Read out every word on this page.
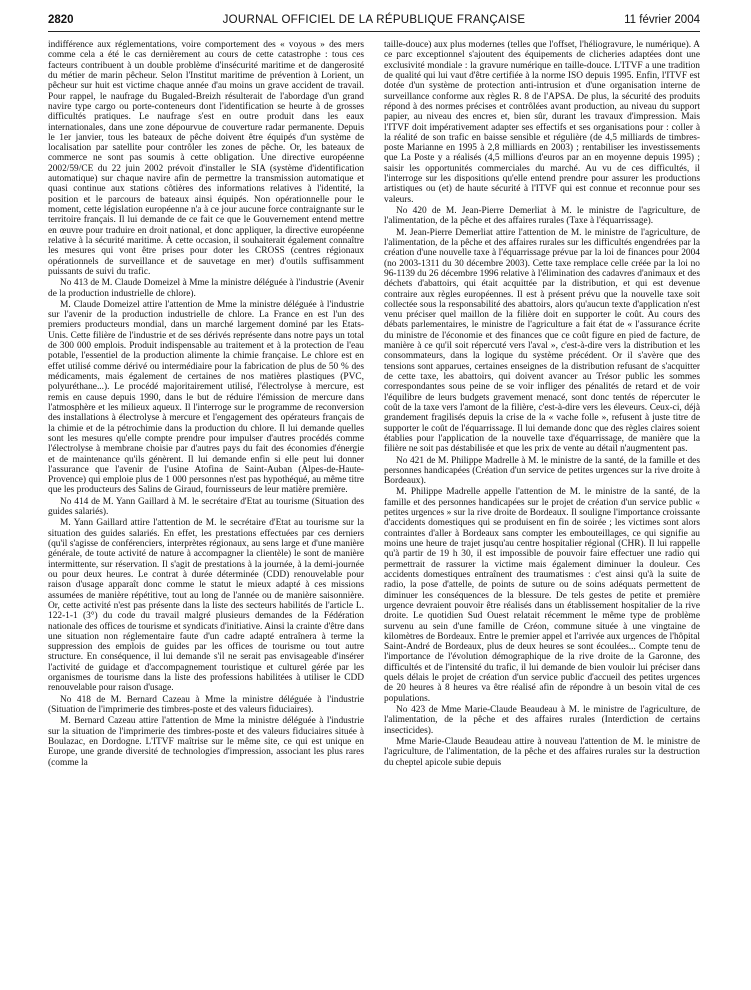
2820	JOURNAL OFFICIEL DE LA RÉPUBLIQUE FRANÇAISE	11 février 2004

indifférence aux réglementations, voire comportement des « voyous » des mers comme cela a été le cas dernièrement au cours de cette catastrophe : tous ces facteurs contribuent à un double problème d'insécurité maritime et de dangerosité du métier de marin pêcheur. Selon l'Institut maritime de prévention à Lorient, un pêcheur sur huit est victime chaque année d'au moins un grave accident de travail. Pour rappel, le naufrage du Bugaled-Breizh résulterait de l'abordage d'un grand navire type cargo ou porte-conteneurs dont l'identification se heurte à de grosses difficultés pratiques. Le naufrage s'est en outre produit dans les eaux internationales, dans une zone dépourvue de couverture radar permanente. Depuis le 1er janvier, tous les bateaux de pêche doivent être équipés d'un système de localisation par satellite pour contrôler les zones de pêche. Or, les bateaux de commerce ne sont pas soumis à cette obligation. Une directive européenne 2002/59/CE du 22 juin 2002 prévoit d'installer le SIA (système d'identification automatique) sur chaque navire afin de permettre la transmission automatique et quasi continue aux stations côtières des informations relatives à l'identité, la position et le parcours de bateaux ainsi équipés. Non opérationnelle pour le moment, cette législation européenne n'a à ce jour aucune force contraignante sur le territoire français. Il lui demande de ce fait ce que le Gouvernement entend mettre en œuvre pour traduire en droit national, et donc appliquer, la directive européenne relative à la sécurité maritime. À cette occasion, il souhaiterait également connaître les mesures qui vont être prises pour doter les CROSS (centres régionaux opérationnels de surveillance et de sauvetage en mer) d'outils suffisamment puissants de suivi du trafic.

No 413 de M. Claude Domeizel à Mme la ministre déléguée à l'industrie (Avenir de la production industrielle de chlore).

M. Claude Domeizel attire l'attention de Mme la ministre déléguée à l'industrie sur l'avenir de la production industrielle de chlore. La France en est l'un des premiers producteurs mondial, dans un marché largement dominé par les Etats-Unis. Cette filière de l'industrie et de ses dérivés représente dans notre pays un total de 300 000 emplois. Produit indispensable au traitement et à la protection de l'eau potable, l'essentiel de la production alimente la chimie française. Le chlore est en effet utilisé comme dérivé ou intermédiaire pour la fabrication de plus de 50 % des médicaments, mais également de certaines de nos matières plastiques (PVC, polyuréthane...). Le procédé majoritairement utilisé, l'électrolyse à mercure, est remis en cause depuis 1990, dans le but de réduire l'émission de mercure dans l'atmosphère et les milieux aqueux. Il l'interroge sur le programme de reconversion des installations à électrolyse à mercure et l'engagement des opérateurs français de la chimie et de la pétrochimie dans la production du chlore. Il lui demande quelles sont les mesures qu'elle compte prendre pour impulser d'autres procédés comme l'électrolyse à membrane choisie par d'autres pays du fait des économies d'énergie et de maintenance qu'ils génèrent. Il lui demande enfin si elle peut lui donner l'assurance que l'avenir de l'usine Atofina de Saint-Auban (Alpes-de-Haute-Provence) qui emploie plus de 1 000 personnes n'est pas hypothéqué, au même titre que les producteurs des Salins de Giraud, fournisseurs de leur matière première.

No 414 de M. Yann Gaillard à M. le secrétaire d'Etat au tourisme (Situation des guides salariés).

M. Yann Gaillard attire l'attention de M. le secrétaire d'Etat au tourisme sur la situation des guides salariés. En effet, les prestations effectuées par ces derniers (qu'il s'agisse de conférenciers, interprètes régionaux, au sens large et d'une manière générale, de toute activité de nature à accompagner la clientèle) le sont de manière intermittente, sur réservation. Il s'agit de prestations à la journée, à la demi-journée ou pour deux heures. Le contrat à durée déterminée (CDD) renouvelable pour raison d'usage apparaît donc comme le statut le mieux adapté à ces missions assumées de manière répétitive, tout au long de l'année ou de manière saisonnière. Or, cette activité n'est pas présente dans la liste des secteurs habilités de l'article L. 122-1-1 (3°) du code du travail malgré plusieurs demandes de la Fédération nationale des offices de tourisme et syndicats d'initiative. Ainsi la crainte d'être dans une situation non réglementaire faute d'un cadre adapté entraînera à terme la suppression des emplois de guides par les offices de tourisme ou tout autre structure. En conséquence, il lui demande s'il ne serait pas envisageable d'insérer l'activité de guidage et d'accompagnement touristique et culturel gérée par les organismes de tourisme dans la liste des professions habilitées à utiliser le CDD renouvelable pour raison d'usage.

No 418 de M. Bernard Cazeau à Mme la ministre déléguée à l'industrie (Situation de l'imprimerie des timbres-poste et des valeurs fiduciaires).

M. Bernard Cazeau attire l'attention de Mme la ministre déléguée à l'industrie sur la situation de l'imprimerie des timbres-poste et des valeurs fiduciaires située à Boulazac, en Dordogne. L'ITVF maîtrise sur le même site, ce qui est unique en Europe, une grande diversité de technologies d'impression, associant les plus rares (comme la

taille-douce) aux plus modernes (telles que l'offset, l'héliogravure, le numérique). A ce parc exceptionnel s'ajoutent des équipements de clicheries adaptées dont une exclusivité mondiale : la gravure numérique en taille-douce. L'ITVF a une tradition de qualité qui lui vaut d'être certifiée à la norme ISO depuis 1995. Enfin, l'ITVF est dotée d'un système de protection anti-intrusion et d'une organisation interne de surveillance conforme aux règles R. 8 de l'APSA. De plus, la sécurité des produits répond à des normes précises et contrôlées avant production, au niveau du support papier, au niveau des encres et, bien sûr, durant les travaux d'impression. Mais l'ITVF doit impérativement adapter ses effectifs et ses organisations pour : coller à la réalité de son trafic en baisse sensible et régulière (de 4,5 milliards de timbres-poste Marianne en 1995 à 2,8 milliards en 2003) ; rentabiliser les investissements que La Poste y a réalisés (4,5 millions d'euros par an en moyenne depuis 1995) ; saisir les opportunités commerciales du marché. Au vu de ces difficultés, il l'interroge sur les dispositions qu'elle entend prendre pour assurer les productions artistiques ou (et) de haute sécurité à l'ITVF qui est connue et reconnue pour ses valeurs.

No 420 de M. Jean-Pierre Demerliat à M. le ministre de l'agriculture, de l'alimentation, de la pêche et des affaires rurales (Taxe à l'équarrissage).

M. Jean-Pierre Demerliat attire l'attention de M. le ministre de l'agriculture, de l'alimentation, de la pêche et des affaires rurales sur les difficultés engendrées par la création d'une nouvelle taxe à l'équarrissage prévue par la loi de finances pour 2004 (no 2003-1311 du 30 décembre 2003). Cette taxe remplace celle créée par la loi no 96-1139 du 26 décembre 1996 relative à l'élimination des cadavres d'animaux et des déchets d'abattoirs, qui était acquittée par la distribution, et qui est devenue contraire aux règles européennes. Il est à présent prévu que la nouvelle taxe soit collectée sous la responsabilité des abattoirs, alors qu'aucun texte d'application n'est venu préciser quel maillon de la filière doit en supporter le coût. Au cours des débats parlementaires, le ministre de l'agriculture a fait état de « l'assurance écrite du ministre de l'économie et des finances que ce coût figure en pied de facture, de manière à ce qu'il soit répercuté vers l'aval », c'est-à-dire vers la distribution et les consommateurs, dans la logique du système précédent. Or il s'avère que des tensions sont apparues, certaines enseignes de la distribution refusant de s'acquitter de cette taxe, les abattoirs, qui doivent avancer au Trésor public les sommes correspondantes sous peine de se voir infliger des pénalités de retard et de voir l'équilibre de leurs budgets gravement menacé, sont donc tentés de répercuter le coût de la taxe vers l'amont de la filière, c'est-à-dire vers les éleveurs. Ceux-ci, déjà grandement fragilisés depuis la crise de la « vache folle », refusent à juste titre de supporter le coût de l'équarrissage. Il lui demande donc que des règles claires soient établies pour l'application de la nouvelle taxe d'équarrissage, de manière que la filière ne soit pas déstabilisée et que les prix de vente au détail n'augmentent pas.

No 421 de M. Philippe Madrelle à M. le ministre de la santé, de la famille et des personnes handicapées (Création d'un service de petites urgences sur la rive droite à Bordeaux).

M. Philippe Madrelle appelle l'attention de M. le ministre de la santé, de la famille et des personnes handicapées sur le projet de création d'un service public « petites urgences » sur la rive droite de Bordeaux. Il souligne l'importance croissante d'accidents domestiques qui se produisent en fin de soirée ; les victimes sont alors contraintes d'aller à Bordeaux sans compter les embouteillages, ce qui signifie au moins une heure de trajet jusqu'au centre hospitalier régional (CHR). Il lui rappelle qu'à partir de 19 h 30, il est impossible de pouvoir faire effectuer une radio qui permettrait de rassurer la victime mais également diminuer la douleur. Ces accidents domestiques entraînent des traumatismes : c'est ainsi qu'à la suite de radio, la pose d'attelle, de points de suture ou de soins adéquats permettent de diminuer les conséquences de la blessure. De tels gestes de petite et première urgence devraient pouvoir être réalisés dans un établissement hospitalier de la rive droite. Le quotidien Sud Ouest relatait récemment le même type de problème survenu au sein d'une famille de Créon, commune située à une vingtaine de kilomètres de Bordeaux. Entre le premier appel et l'arrivée aux urgences de l'hôpital Saint-André de Bordeaux, plus de deux heures se sont écoulées... Compte tenu de l'importance de l'évolution démographique de la rive droite de la Garonne, des difficultés et de l'intensité du trafic, il lui demande de bien vouloir lui préciser dans quels délais le projet de création d'un service public d'accueil des petites urgences de 20 heures à 8 heures va être réalisé afin de répondre à un besoin vital de ces populations.

No 423 de Mme Marie-Claude Beaudeau à M. le ministre de l'agriculture, de l'alimentation, de la pêche et des affaires rurales (Interdiction de certains insecticides).

Mme Marie-Claude Beaudeau attire à nouveau l'attention de M. le ministre de l'agriculture, de l'alimentation, de la pêche et des affaires rurales sur la destruction du cheptel apicole subie depuis
